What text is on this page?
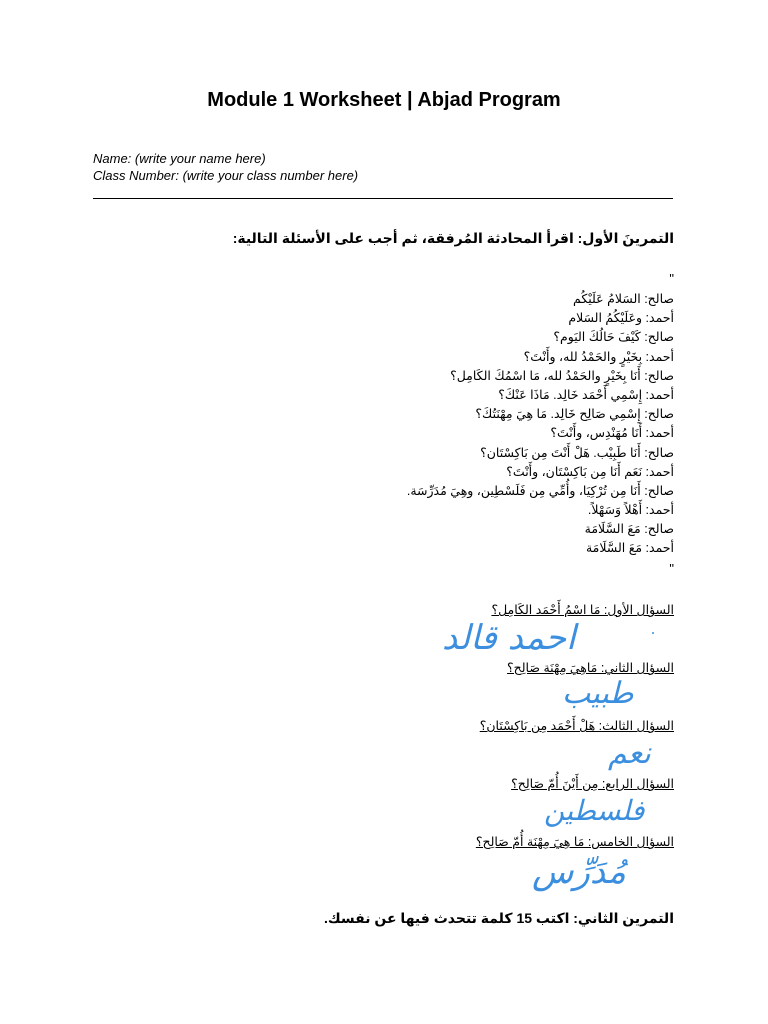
Module 1 Worksheet | Abjad Program
Name: (write your name here)
Class Number: (write your class number here)
التمرينَ الأول: اقرأ المحادثة المُرفقة، ثم أجب على الأسئلة التالية:
"
صالح: السَلامُ عَلَيْكُم
أحمد: وعَلَيْكُمُ السَلام
صالح: كَيْفَ حَالُكَ اليَوم؟
أحمد: بِخَيْرٍ والحَمْدُ لله، وأَنْتَ؟
صالح: أَنَا بِخَيْرٍ والحَمْدُ لله، مَا اسْمُكَ الكَامِل؟
أحمد: إِسْمِي أَحْمَد خَالِد. مَاذَا عَنْكَ؟
صالح: إِسْمِي صَالِح خَالِد. مَا هِيَ مِهْنَتُكَ؟
أحمد: أَنَا مُهَنْدِس، وأَنْتَ؟
صالح: أَنَا طَبِيْب. هَلْ أَنْتَ مِن بَاكِسْتَان؟
أحمد: نَعَم أَنَا مِن بَاكِسْتَان، وأَنْتَ؟
صالح: أَنَا مِن تُرْكِيَا، وأُمِّي مِن فَلَسْطِين، وهِيَ مُدَرِّسَة.
أحمد: أَهْلاً وَسَهْلاً.
صالح: مَعَ السَّلَامَة
أحمد: مَعَ السَّلَامَة
"
السؤال الأول: مَا اسْمُ أَحْمَد الكَامِل؟
احمد قالد
السؤال الثاني: مَاهِيَ مِهْنَة صَالِح؟
طبيب
السؤال الثالث: هَلْ أَحْمَد مِن بَاكِسْتَان؟
نعم
السؤال الرابع: مِن أَيْنَ أُمّ صَالِح؟
فلسطين
السؤال الخامس: مَا هِيَ مِهْنَة أُمّ صَالِح؟
مُدَرِّس
التمرين الثاني: اكتب 15 كلمة تتحدث فيها عن نفسك.
